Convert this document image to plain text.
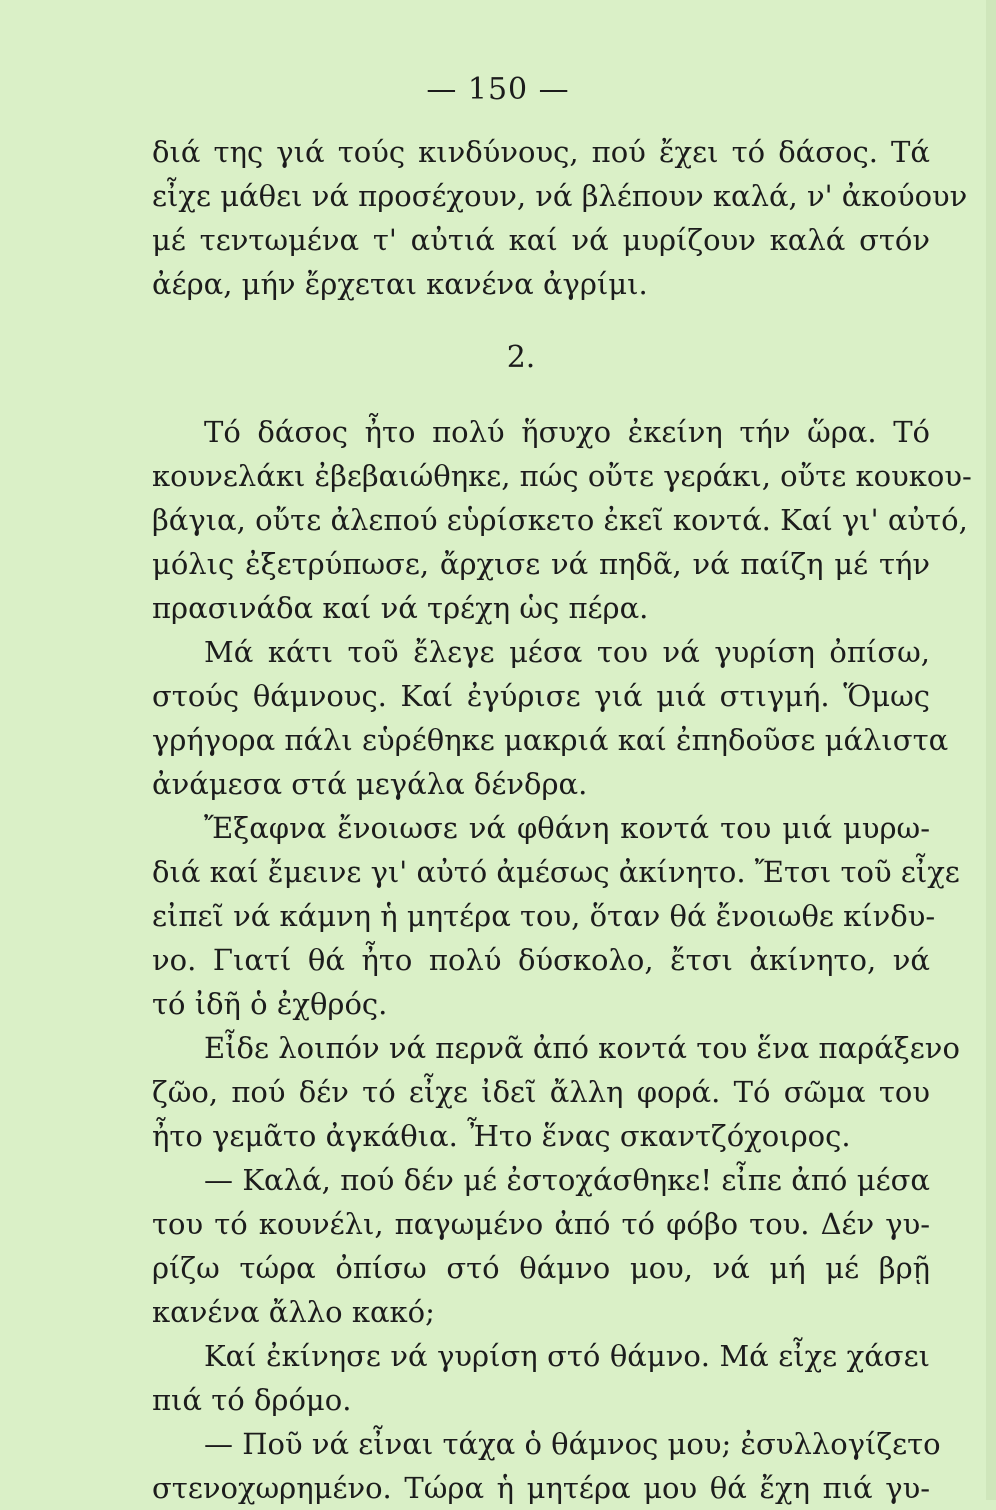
— 150 —
διά της γιά τούς κινδύνους, πού ἔχει τό δάσος. Τά
εἶχε μάθει νά προσέχουν, νά βλέπουν καλά, ν' ἀκούουν
μέ τεντωμένα τ' αὐτιά καί νά μυρίζουν καλά στόν
ἀέρα, μήν ἔρχεται κανένα ἀγρίμι.
2.
Τό δάσος ἦτο πολύ ἥσυχο ἐκείνη τήν ὥρα. Τό
κουνελάκι ἐβεβαιώθηκε, πώς οὔτε γεράκι, οὔτε κουκου-
βάγια, οὔτε ἀλεπού εὑρίσκετο ἐκεῖ κοντά. Καί γι' αὐτό,
μόλις ἐξετρύπωσε, ἄρχισε νά πηδᾶ, νά παίζη μέ τήν
πρασινάδα καί νά τρέχη ὡς πέρα.
Μά κάτι τοῦ ἔλεγε μέσα του νά γυρίση ὀπίσω,
στούς θάμνους. Καί ἐγύρισε γιά μιά στιγμή. Ὅμως
γρήγορα πάλι εὑρέθηκε μακριά καί ἐπηδοῦσε μάλιστα
ἀνάμεσα στά μεγάλα δένδρα.
Ἔξαφνα ἔνοιωσε νά φθάνη κοντά του μιά μυρω-
διά καί ἔμεινε γι' αὐτό ἀμέσως ἀκίνητο. Ἔτσι τοῦ εἶχε
εἰπεῖ νά κάμνη ἡ μητέρα του, ὅταν θά ἔνοιωθε κίνδυ-
νο. Γιατί θά ἦτο πολύ δύσκολο, ἔτσι ἀκίνητο, νά
τό ἰδῆ ὁ ἐχθρός.
Εἶδε λοιπόν νά περνᾶ ἀπό κοντά του ἕνα παράξενο
ζῶο, πού δέν τό εἶχε ἰδεῖ ἄλλη φορά. Τό σῶμα του
ἦτο γεμᾶτο ἀγκάθια. Ἦτο ἕνας σκαντζόχοιρος.
— Καλά, πού δέν μέ ἐστοχάσθηκε! εἶπε ἀπό μέσα
του τό κουνέλι, παγωμένο ἀπό τό φόβο του. Δέν γυ-
ρίζω τώρα ὀπίσω στό θάμνο μου, νά μή μέ βρῇ
κανένα ἄλλο κακό;
Καί ἐκίνησε νά γυρίση στό θάμνο. Μά εἶχε χάσει
πιά τό δρόμο.
— Ποῦ νά εἶναι τάχα ὁ θάμνος μου; ἐσυλλογίζετο
στενοχωρημένο. Τώρα ἡ μητέρα μου θά ἔχη πιά γυ-
